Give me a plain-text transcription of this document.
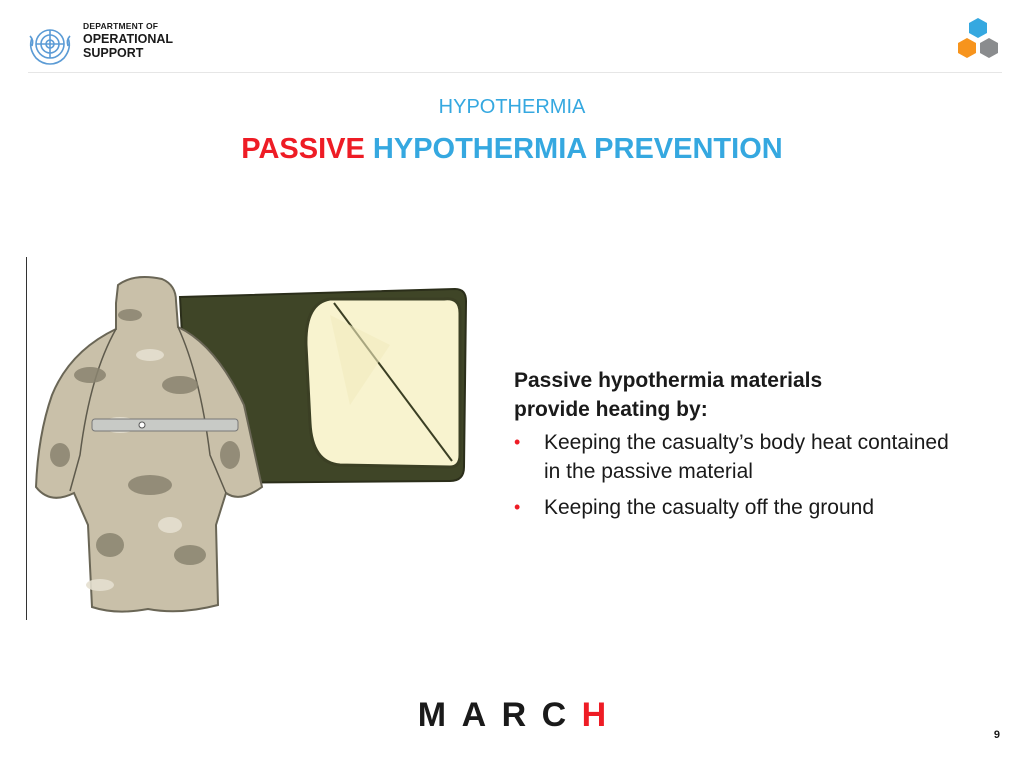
DEPARTMENT OF
OPERATIONAL
SUPPORT
HYPOTHERMIA
PASSIVE HYPOTHERMIA PREVENTION
Passive hypothermia materials
provide heating by:
• Keeping the casualty’s body heat contained in the passive material
• Keeping the casualty off the ground
M A R C H
9
